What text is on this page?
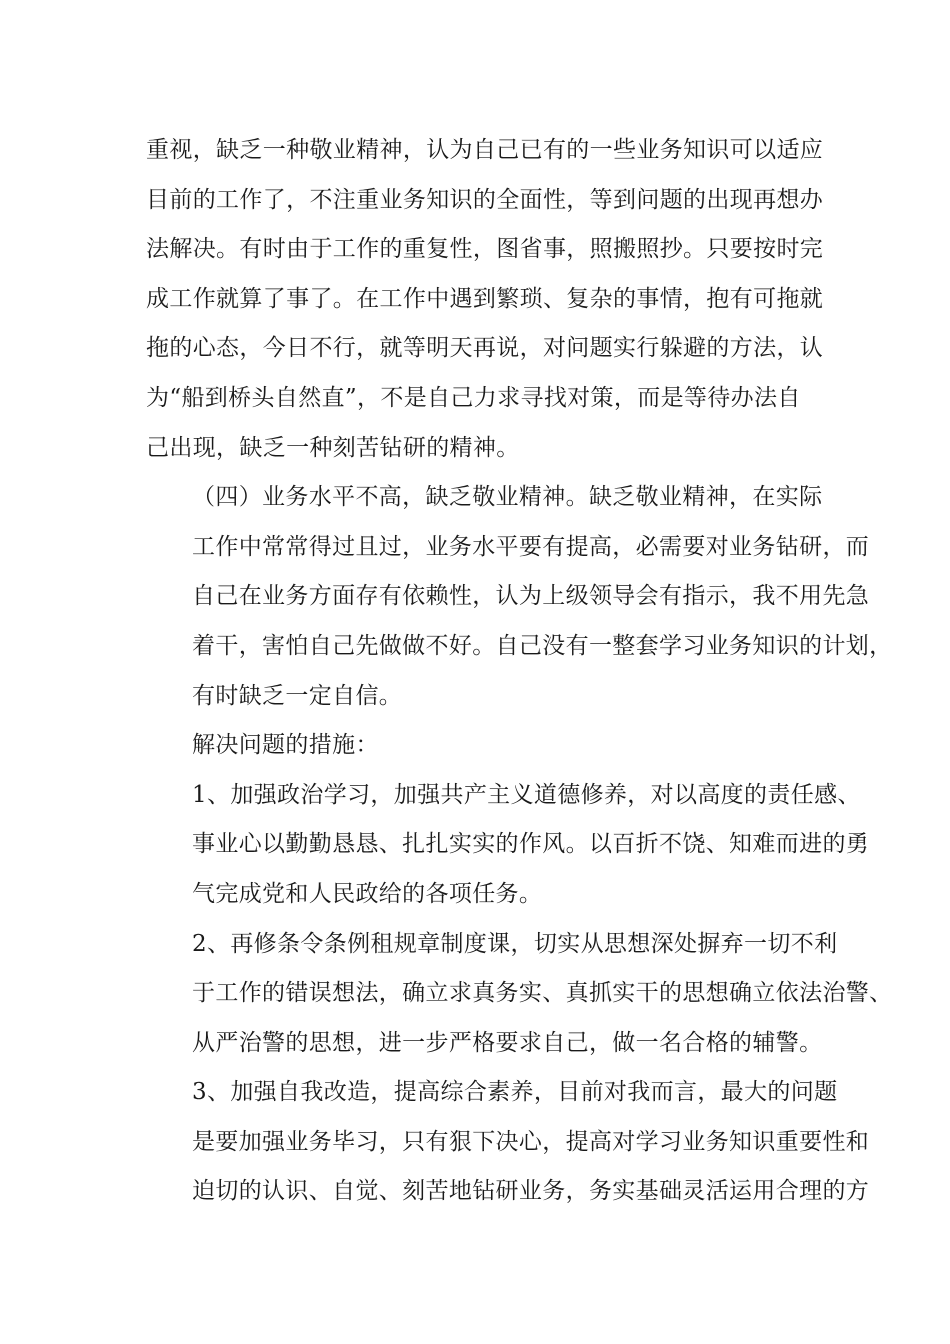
重视，缺乏一种敬业精神，认为自己已有的一些业务知识可以适应
目前的工作了，不注重业务知识的全面性，等到问题的出现再想办
法解决。有时由于工作的重复性，图省事，照搬照抄。只要按时完
成工作就算了事了。在工作中遇到繁琐、复杂的事情，抱有可拖就
拖的心态，今日不行，就等明天再说，对问题实行躲避的方法，认
为“船到桥头自然直”，不是自己力求寻找对策，而是等待办法自
己出现，缺乏一种刻苦钻研的精神。

（四）业务水平不高，缺乏敬业精神。缺乏敬业精神，在实际
工作中常常得过且过，业务水平要有提高，必需要对业务钻研，而
自己在业务方面存有依赖性，认为上级领导会有指示，我不用先急
着干，害怕自己先做做不好。自己没有一整套学习业务知识的计划，
有时缺乏一定自信。

解决问题的措施：

1、加强政治学习，加强共产主义道德修养，对以高度的责任感、
事业心以勤勤恳恳、扎扎实实的作风。以百折不饶、知难而进的勇
气完成党和人民政给的各项任务。

2、再修条令条例租规章制度课，切实从思想深处摒弃一切不利
于工作的错误想法，确立求真务实、真抓实干的思想确立依法治警、
从严治警的思想，进一步严格要求自己，做一名合格的辅警。

3、加强自我改造，提高综合素养，目前对我而言，最大的问题
是要加强业务毕习，只有狠下决心，提高对学习业务知识重要性和
迫切的认识、自觉、刻苦地钻研业务，务实基础灵活运用合理的方
